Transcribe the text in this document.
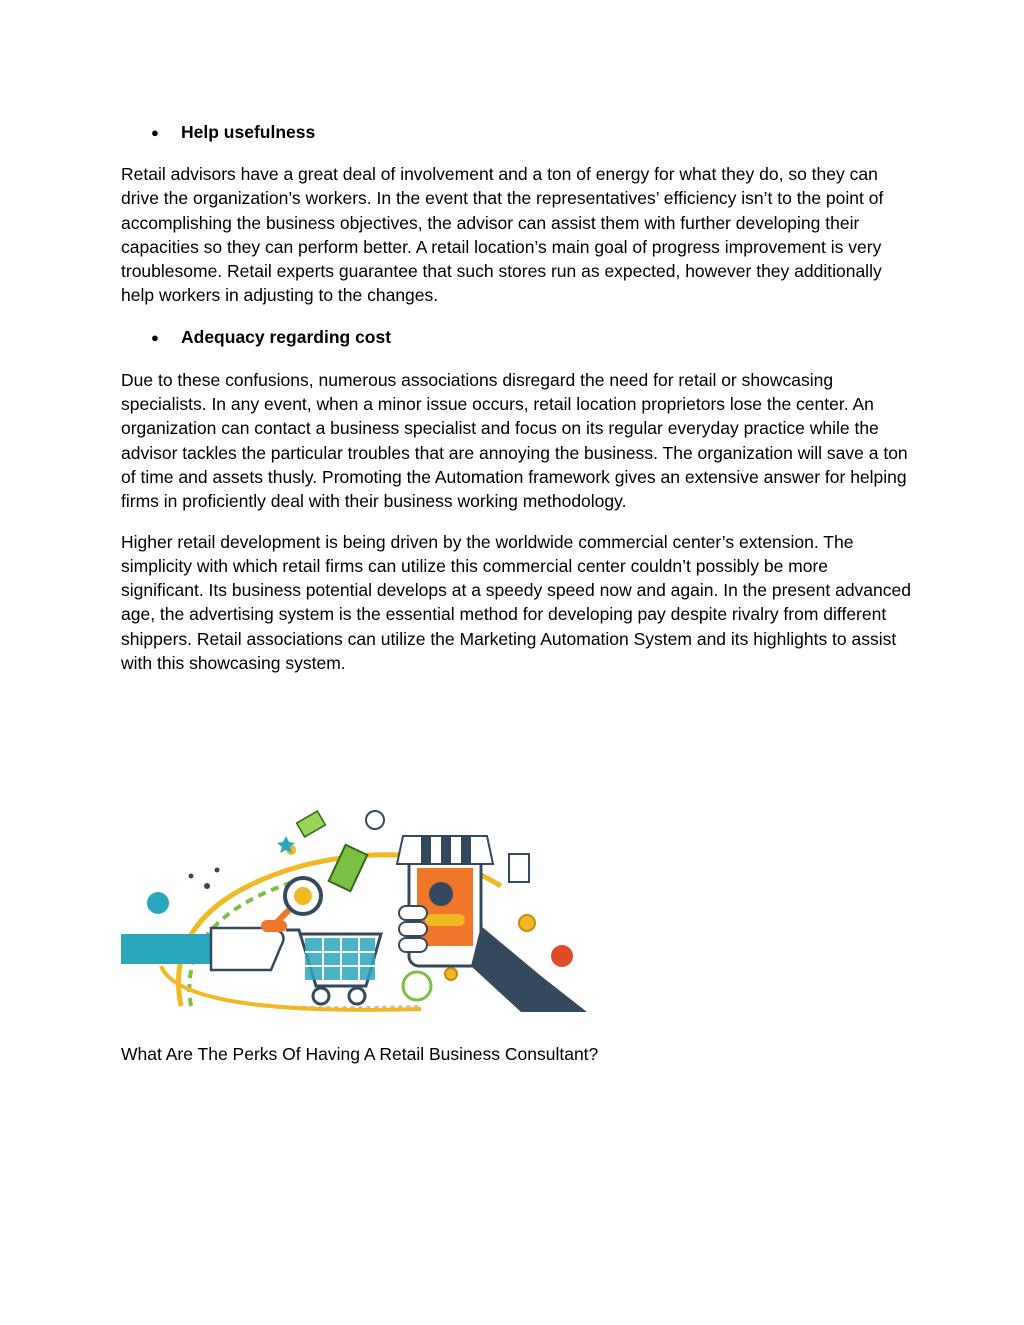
●	Help usefulness

Retail advisors have a great deal of involvement and a ton of energy for what they do, so they can drive the organization’s workers. In the event that the representatives’ efficiency isn’t to the point of accomplishing the business objectives, the advisor can assist them with further developing their capacities so they can perform better. A retail location’s main goal of progress improvement is very troublesome. Retail experts guarantee that such stores run as expected, however they additionally help workers in adjusting to the changes.

●	Adequacy regarding cost

Due to these confusions, numerous associations disregard the need for retail or showcasing specialists. In any event, when a minor issue occurs, retail location proprietors lose the center. An organization can contact a business specialist and focus on its regular everyday practice while the advisor tackles the particular troubles that are annoying the business. The organization will save a ton of time and assets thusly. Promoting the Automation framework gives an extensive answer for helping firms in proficiently deal with their business working methodology.

Higher retail development is being driven by the worldwide commercial center’s extension. The simplicity with which retail firms can utilize this commercial center couldn’t possibly be more significant. Its business potential develops at a speedy speed now and again. In the present advanced age, the advertising system is the essential method for developing pay despite rivalry from different shippers. Retail associations can utilize the Marketing Automation System and its highlights to assist with this showcasing system.

What Are The Perks Of Having A Retail Business Consultant?
